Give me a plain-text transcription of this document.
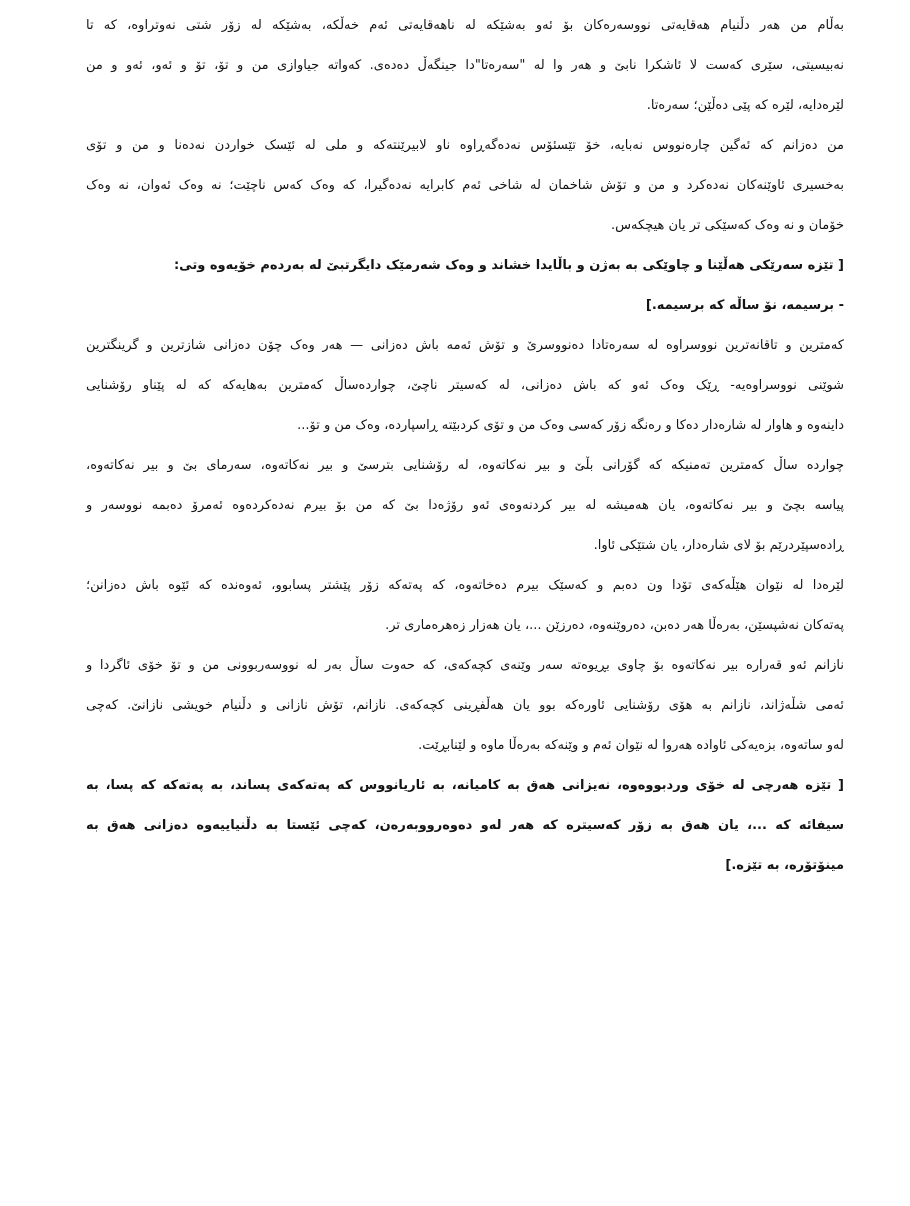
بەڵام من هەر دڵنیام هەقایەتی نووسەرەکان بۆ ئەو بەشێکە لە ناهەقایەتی ئەم خەڵکە، بەشێکە لە زۆر شتی نەوتراوە، کە تا
نەبیسیتی، سێری کەست لا ئاشکرا نابێ و هەر وا لە "سەرەتا"دا جینگەڵ دەدەی. کەواتە جیاوازی من و تۆ، تۆ و ئەو، ئەو و من
لێرەدایە، لێرە کە پێی دەڵێن؛ سەرەتا.

من دەزانم کە ئەگین چارەنووس نەبایە، خۆ تێسئۆس نەدەگەڕاوە ناو لابیرێنتەکە و ملی لە ئێسک خواردن نەدەنا و من و تۆی
بەخسیری ئاوێنەکان نەدەکرد و من و تۆش شاخمان لە شاخی ئەم کابرایە نەدەگیرا، کە وەک کەس ناچێت؛ نە وەک ئەوان، نە وەک
خۆمان و نە وەک کەسێکی تر یان هیچکەس.

[ تێزە سەرێکی هەڵێنا و چاوێکی بە بەژن و باڵایدا خشاند و وەک شەرمێک دایگرتبێ لە بەردەم خۆیەوە وتی:
- برسیمە، نۆ ساڵە کە برسیمە.]

کەمترین و تاقانەترین نووسراوە لە سەرەتادا دەنووسرێ و تۆش ئەمە باش دەزانی — هەر وەک چۆن دەزانی شازترین و گرینگترین
شوێنی نووسراوەیە- ڕێک وەک ئەو کە باش دەزانی، لە کەسیتر ناچێ، چواردەساڵ کەمترین بەهایەکە کە لە پێناو رۆشنایی
داینەوە و هاوار لە شارەدار دەکا و رەنگە زۆر کەسی وەک من و تۆی کردبێتە ڕاسپاردە، وەک من و تۆ...

چوارده ساڵ کەمترین تەمنیکە کە گۆرانی بڵێ و بیر نەکاتەوە، لە رۆشنایی بترسێ و بیر نەکاتەوە، سەرمای بێ و بیر نەکاتەوە،
پیاسە بچێ و بیر نەکاتەوە، یان هەمیشە لە بیر کردنەوەی ئەو رۆژەدا بێ کە من بۆ بیرم نەدەکردەوە ئەمرۆ دەبمە نووسەر و
ڕادەسپێردرێم بۆ لای شارەدار، یان شتێکی ئاوا.

لێرەدا لە نێوان هێڵەکەی تۆدا ون دەبم و کەسێک بیرم دەخاتەوە، کە پەتەکە زۆر پێشتر پسابوو، ئەوەندە کە ئێوە باش دەزانن؛
پەتەکان نەشپسێن، بەرەڵا هەر دەبن، دەروێنەوە، دەرزێن ...، یان هەزار زەهرەماری تر.

نازانم ئەو قەرارە بیر نەکاتەوە بۆ چاوی بڕیوەتە سەر وێنەی کچەکەی، کە حەوت ساڵ بەر لە نووسەربوونی من و تۆ خۆی ئاگردا و
ئەمی شڵەژاند، نازانم بە هۆی رۆشنایی ئاورەکە بوو یان هەڵفڕینی کچەکەی. نازانم، تۆش نازانی و دڵنیام خویشی نازانێ. کەچی
لەو ساتەوە، بزەیەکی ئاوادە هەروا لە نێوان ئەم و وێنەکە بەرەڵا ماوە و لێنابڕێت.

[ تێزە هەرچی لە خۆی وردبووەوە، نەیزانی هەق بە کامیانە، بە ئاریانووس کە پەتەکەی پساند، بە پەتەکە کە پسا، بە
سیفائە کە ...، یان هەق بە زۆر کەسیترە کە هەر لەو دەوەرووبەرەن، کەچی ئێستا بە دڵنیاییەوە دەزانی هەق بە
مینۆتۆرە، بە تێزە.]
